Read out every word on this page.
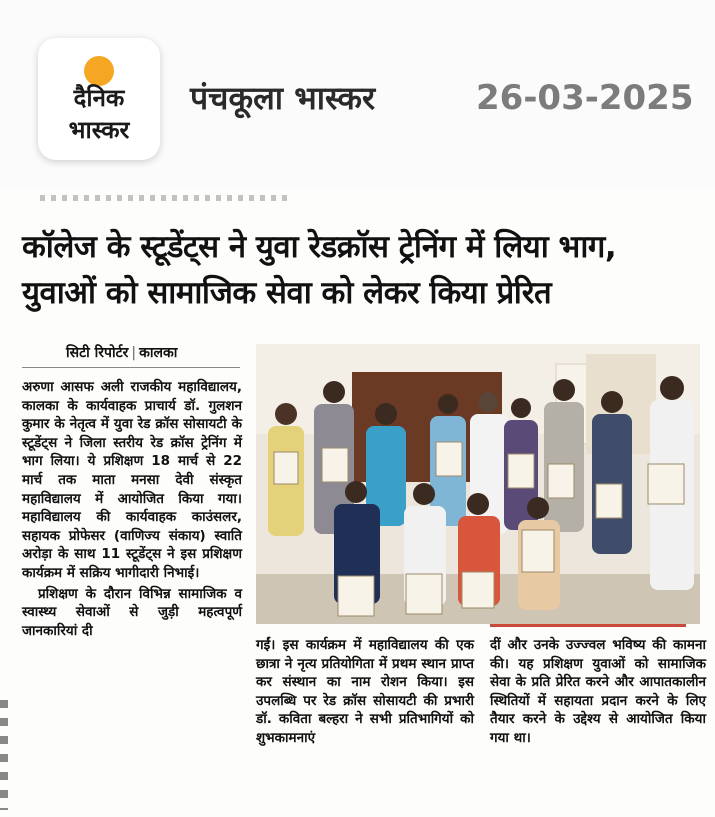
दैनिक
भास्कर
पंचकूला भास्कर	26-03-2025
कॉलेज के स्टूडेंट्स ने युवा रेडक्रॉस ट्रेनिंग में लिया भाग,
युवाओं को सामाजिक सेवा को लेकर किया प्रेरित
सिटी रिपोर्टर | कालका

अरुणा आसफ अली राजकीय महाविद्यालय, कालका के कार्यवाहक प्राचार्य डॉ. गुलशन कुमार के नेतृत्व में युवा रेड क्रॉस सोसायटी के स्टूडेंट्स ने जिला स्तरीय रेड क्रॉस ट्रेनिंग में भाग लिया। ये प्रशिक्षण 18 मार्च से 22 मार्च तक माता मनसा देवी संस्कृत महाविद्यालय में आयोजित किया गया। महाविद्यालय की कार्यवाहक काउंसलर, सहायक प्रोफेसर (वाणिज्य संकाय) स्वाति अरोड़ा के साथ 11 स्टूडेंट्स ने इस प्रशिक्षण कार्यक्रम में सक्रिय भागीदारी निभाई।

प्रशिक्षण के दौरान विभिन्न सामाजिक व स्वास्थ्य सेवाओं से जुड़ी महत्वपूर्ण जानकारियां दी

गईं। इस कार्यक्रम में महाविद्यालय की एक छात्रा ने नृत्य प्रतियोगिता में प्रथम स्थान प्राप्त कर संस्थान का नाम रोशन किया। इस उपलब्धि पर रेड क्रॉस सोसायटी की प्रभारी डॉ. कविता बल्हरा ने सभी प्रतिभागियों को शुभकामनाएं

दीं और उनके उज्ज्वल भविष्य की कामना की। यह प्रशिक्षण युवाओं को सामाजिक सेवा के प्रति प्रेरित करने और आपातकालीन स्थितियों में सहायता प्रदान करने के लिए तैयार करने के उद्देश्य से आयोजित किया गया था।
